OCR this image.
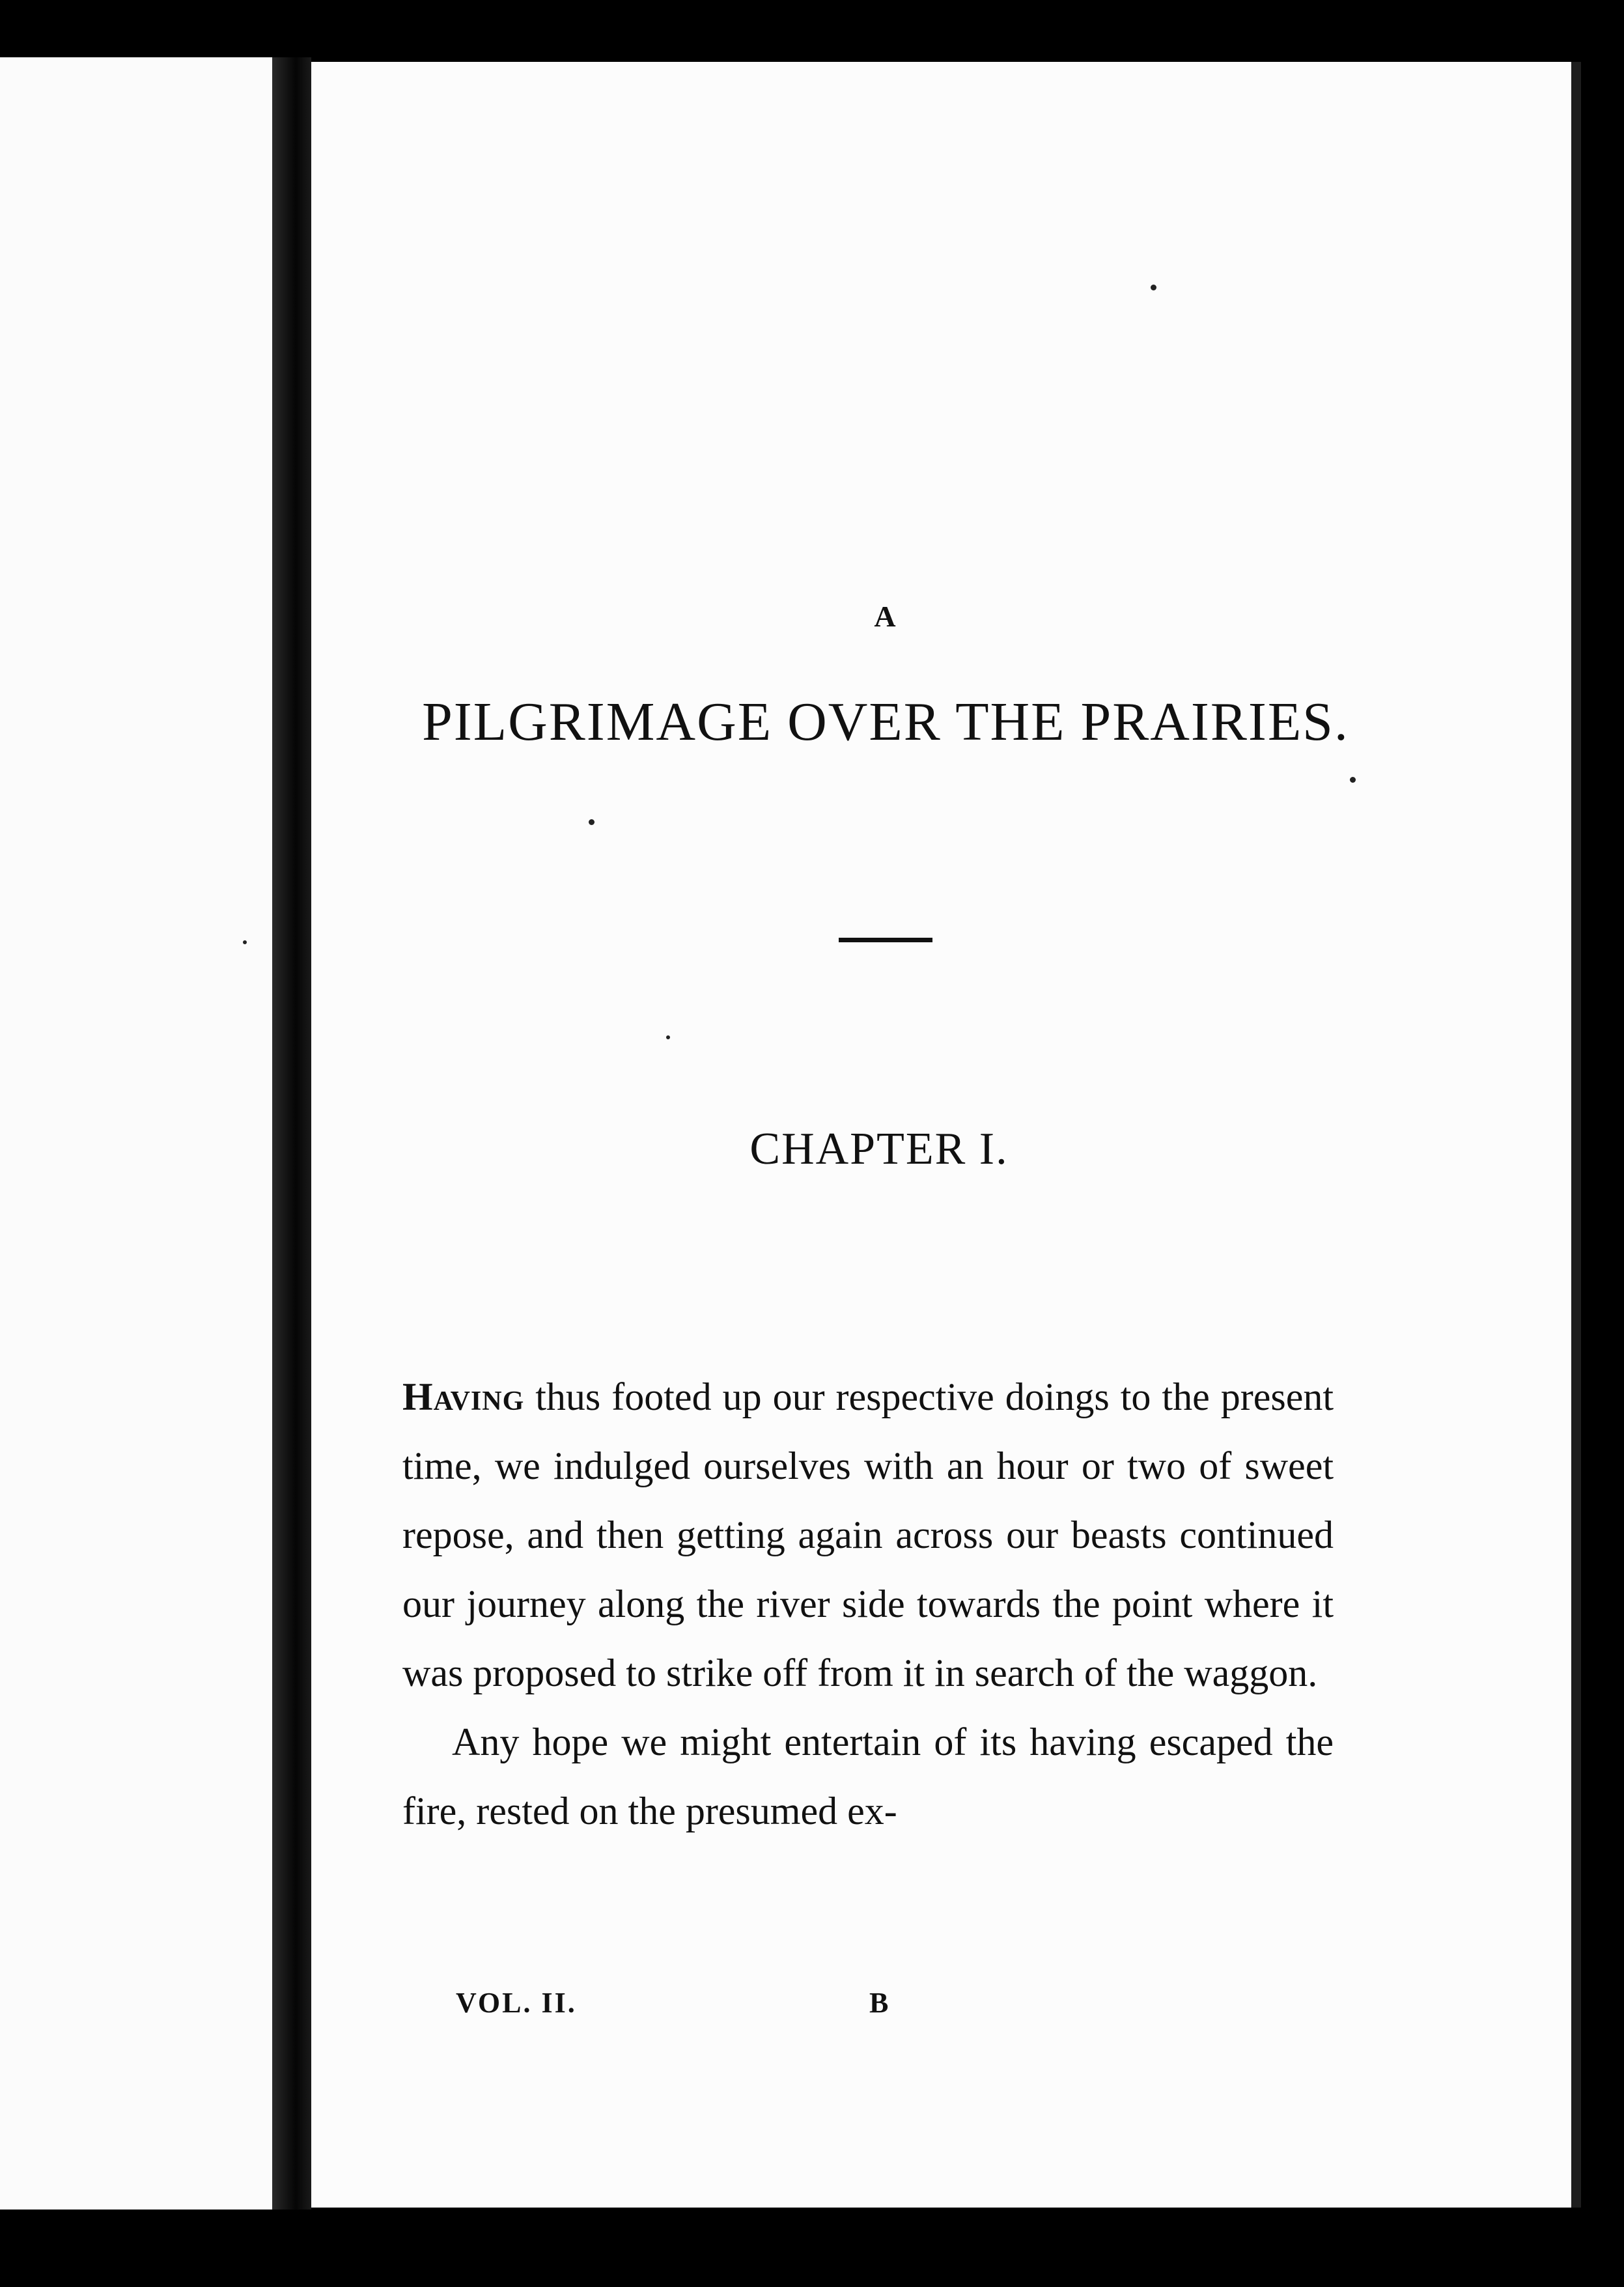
A
PILGRIMAGE OVER THE PRAIRIES.
CHAPTER I.

Having thus footed up our respective doings to the present time, we indulged ourselves with an hour or two of sweet repose, and then getting again across our beasts continued our journey along the river side towards the point where it was proposed to strike off from it in search of the waggon.

Any hope we might entertain of its having escaped the fire, rested on the presumed ex-

VOL. II.	B
